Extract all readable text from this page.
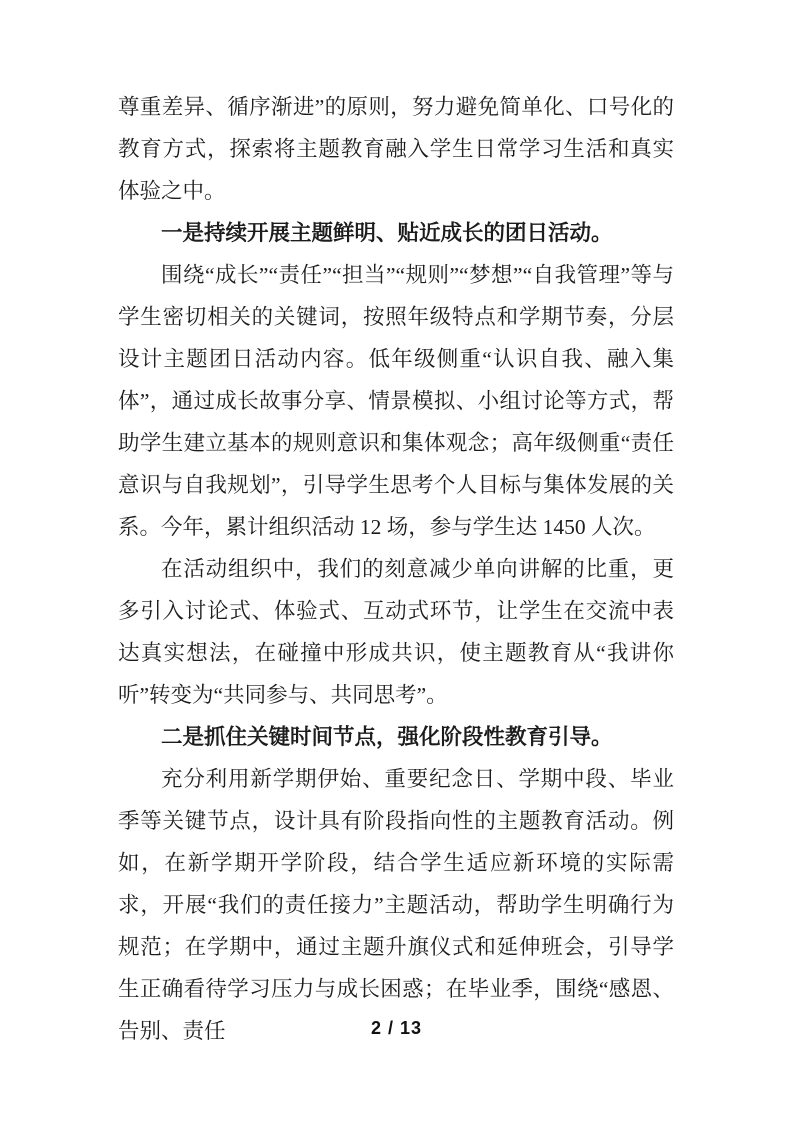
尊重差异、循序渐进”的原则，努力避免简单化、口号化的教育方式，探索将主题教育融入学生日常学习生活和真实体验之中。

一是持续开展主题鲜明、贴近成长的团日活动。

围绕“成长”“责任”“担当”“规则”“梦想”“自我管理”等与学生密切相关的关键词，按照年级特点和学期节奏，分层设计主题团日活动内容。低年级侧重“认识自我、融入集体”，通过成长故事分享、情景模拟、小组讨论等方式，帮助学生建立基本的规则意识和集体观念；高年级侧重“责任意识与自我规划”，引导学生思考个人目标与集体发展的关系。今年，累计组织活动 12 场，参与学生达 1450 人次。

在活动组织中，我们的刻意减少单向讲解的比重，更多引入讨论式、体验式、互动式环节，让学生在交流中表达真实想法，在碰撞中形成共识，使主题教育从“我讲你听”转变为“共同参与、共同思考”。

二是抓住关键时间节点，强化阶段性教育引导。

充分利用新学期伊始、重要纪念日、学期中段、毕业季等关键节点，设计具有阶段指向性的主题教育活动。例如，在新学期开学阶段，结合学生适应新环境的实际需求，开展“我们的责任接力”主题活动，帮助学生明确行为规范；在学期中，通过主题升旗仪式和延伸班会，引导学生正确看待学习压力与成长困惑；在毕业季，围绕“感恩、告别、责任	2 / 13
